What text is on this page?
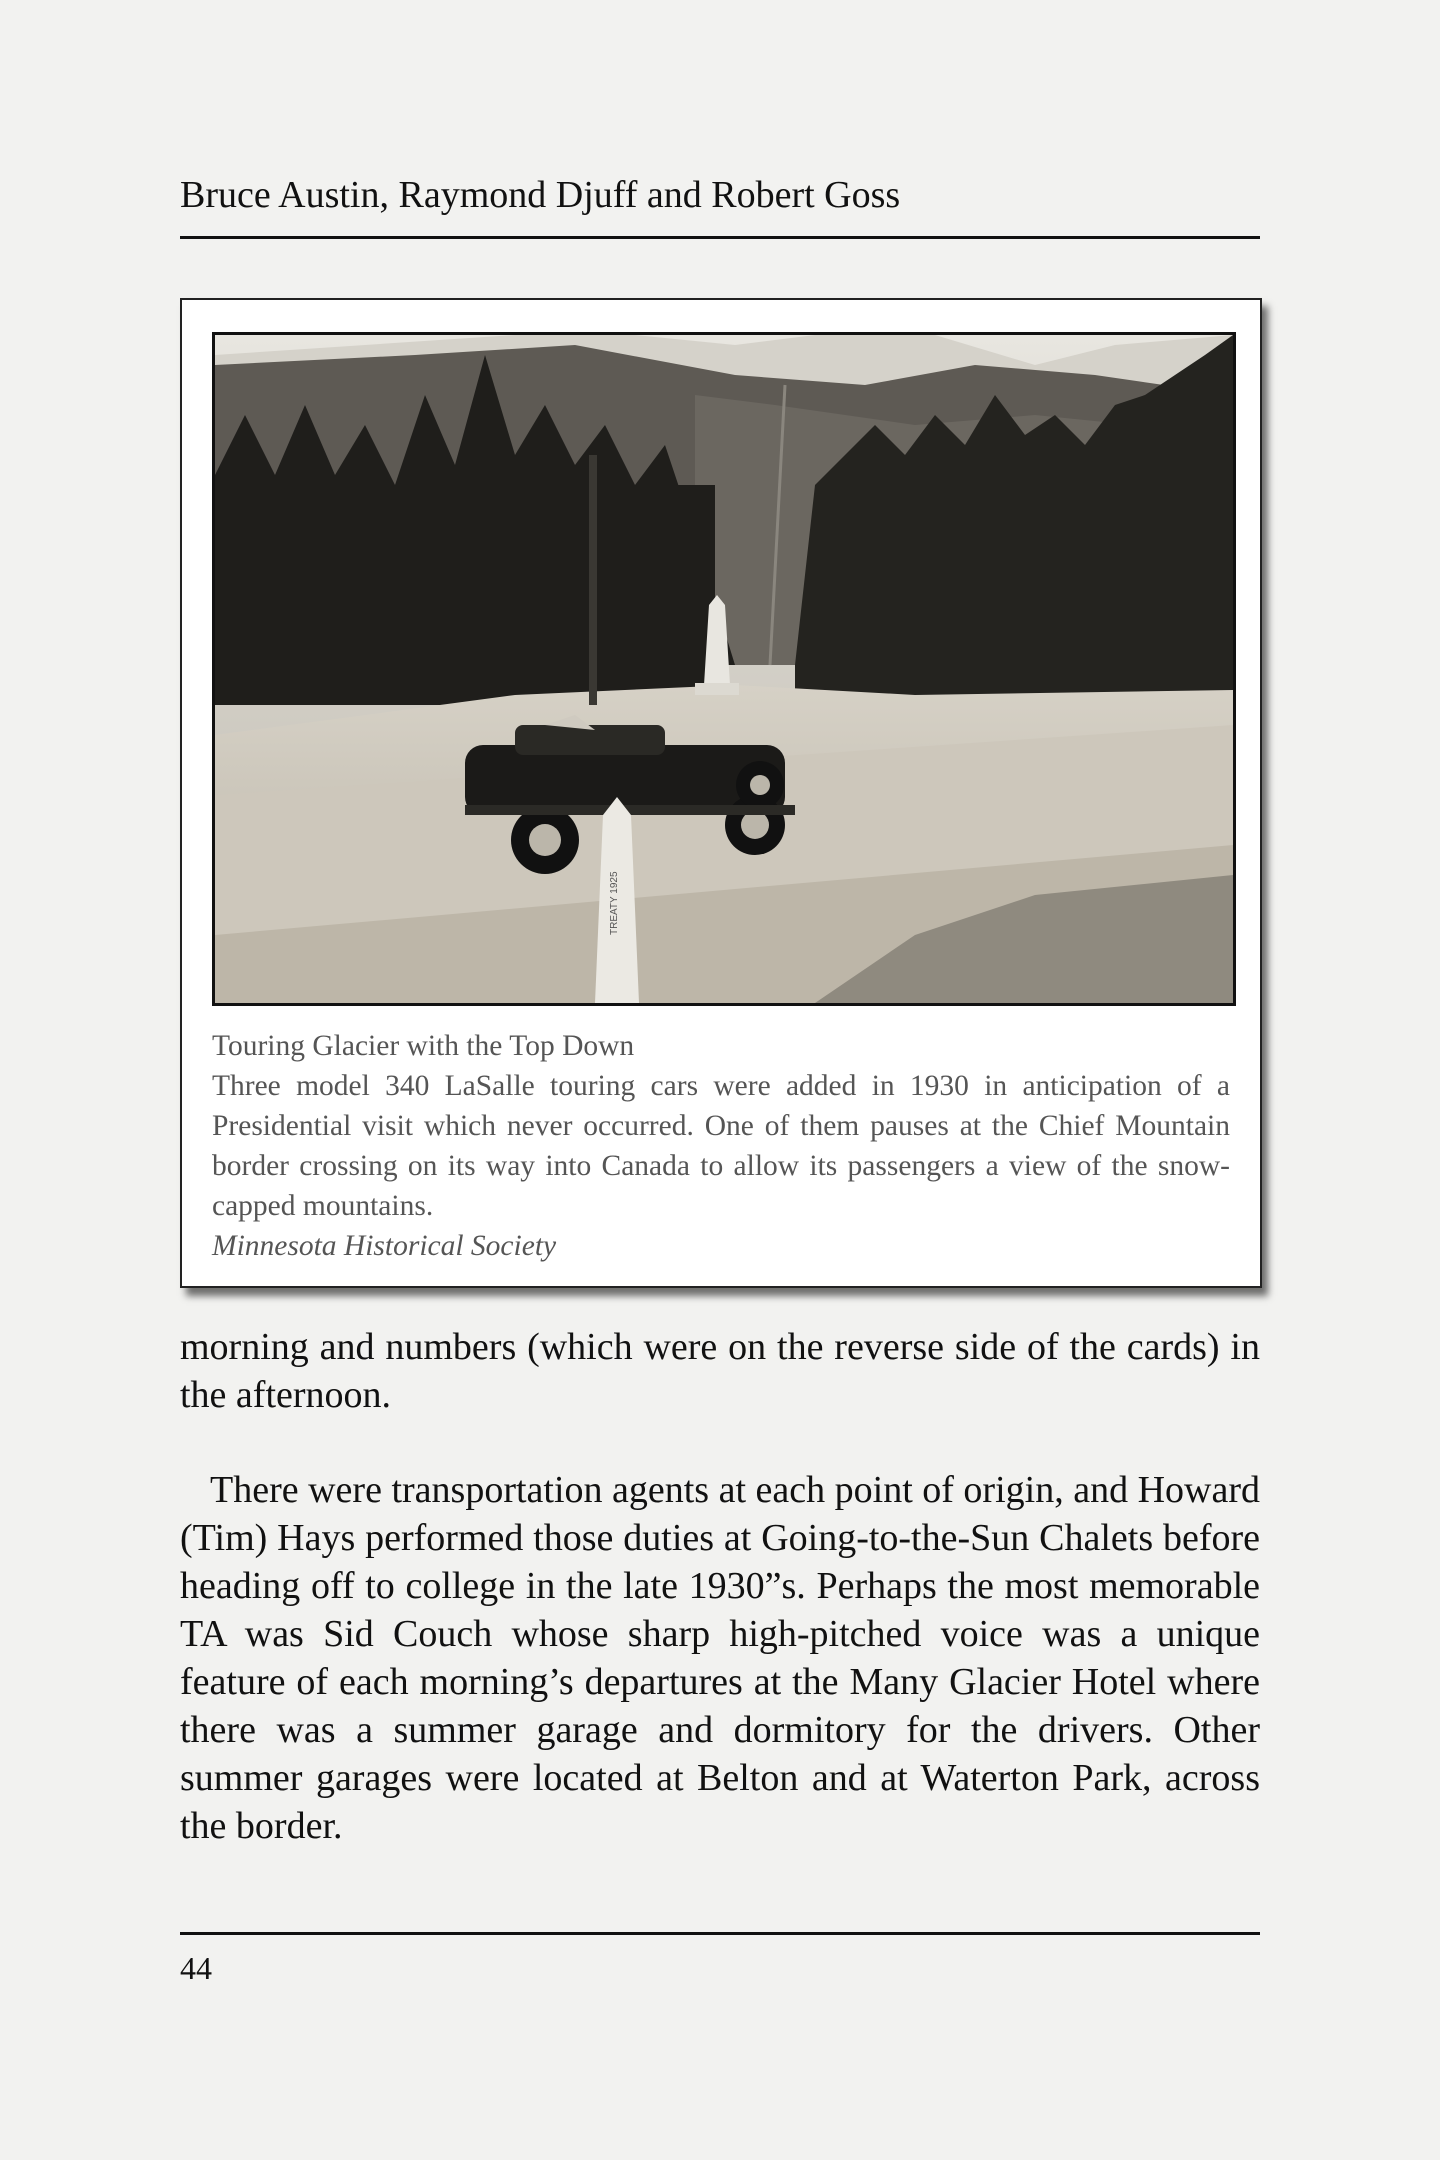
Bruce Austin, Raymond Djuff and Robert Goss
TREATY 1925
Touring Glacier with the Top Down
Three model 340 LaSalle touring cars were added in 1930 in anticipation of a Presidential visit which never occurred. One of them pauses at the Chief Mountain border crossing on its way into Canada to allow its passengers a view of the snow-capped mountains.
Minnesota Historical Society
morning and numbers (which were on the reverse side of the cards) in the afternoon.
There were transportation agents at each point of origin, and Howard (Tim) Hays performed those duties at Going-to-the-Sun Chalets before heading off to college in the late 1930”s. Perhaps the most memorable TA was Sid Couch whose sharp high-pitched voice was a unique feature of each morning’s departures at the Many Glacier Hotel where there was a summer garage and dormitory for the drivers. Other summer garages were located at Belton and at Waterton Park, across the border.
44
